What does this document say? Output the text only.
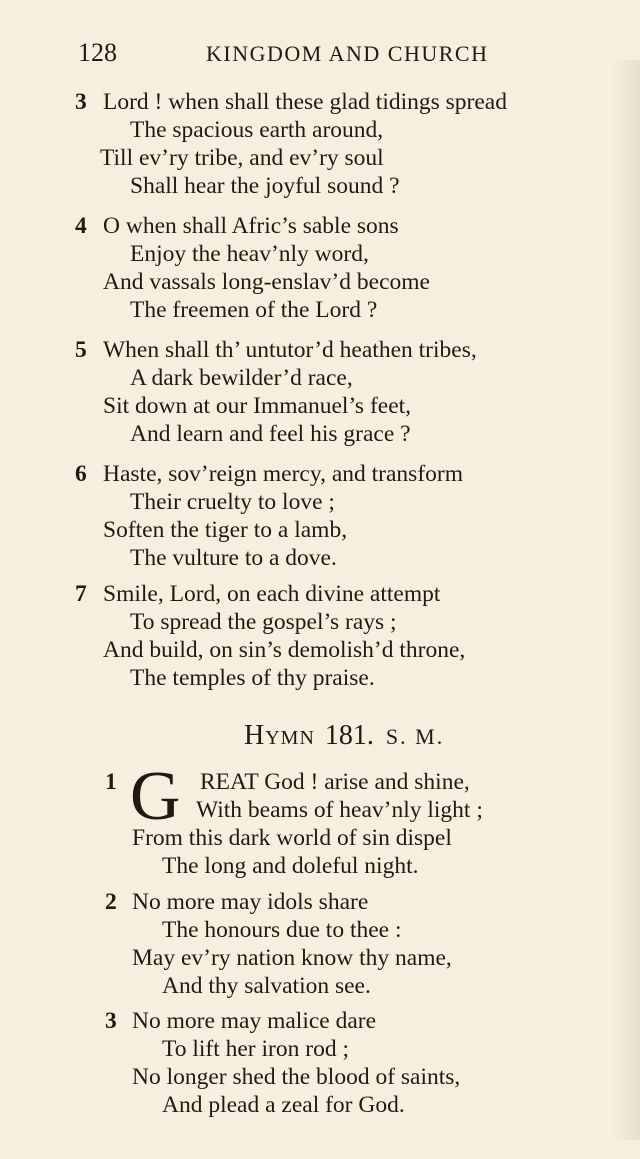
128	KINGDOM AND CHURCH
3 Lord ! when shall these glad tidings spread
The spacious earth around,
Till ev’ry tribe, and ev’ry soul
Shall hear the joyful sound ?
4 O when shall Afric’s sable sons
Enjoy the heav’nly word,
And vassals long-enslav’d become
The freemen of the Lord ?
5 When shall th’ untutor’d heathen tribes,
A dark bewilder’d race,
Sit down at our Immanuel’s feet,
And learn and feel his grace ?
6 Haste, sov’reign mercy, and transform
Their cruelty to love ;
Soften the tiger to a lamb,
The vulture to a dove.
7 Smile, Lord, on each divine attempt
To spread the gospel’s rays ;
And build, on sin’s demolish’d throne,
The temples of thy praise.
Hymn 181. S. M.
1 G REAT God ! arise and shine,
With beams of heav’nly light ;
From this dark world of sin dispel
The long and doleful night.
2 No more may idols share
The honours due to thee :
May ev’ry nation know thy name,
And thy salvation see.
3 No more may malice dare
To lift her iron rod ;
No longer shed the blood of saints,
And plead a zeal for God.
